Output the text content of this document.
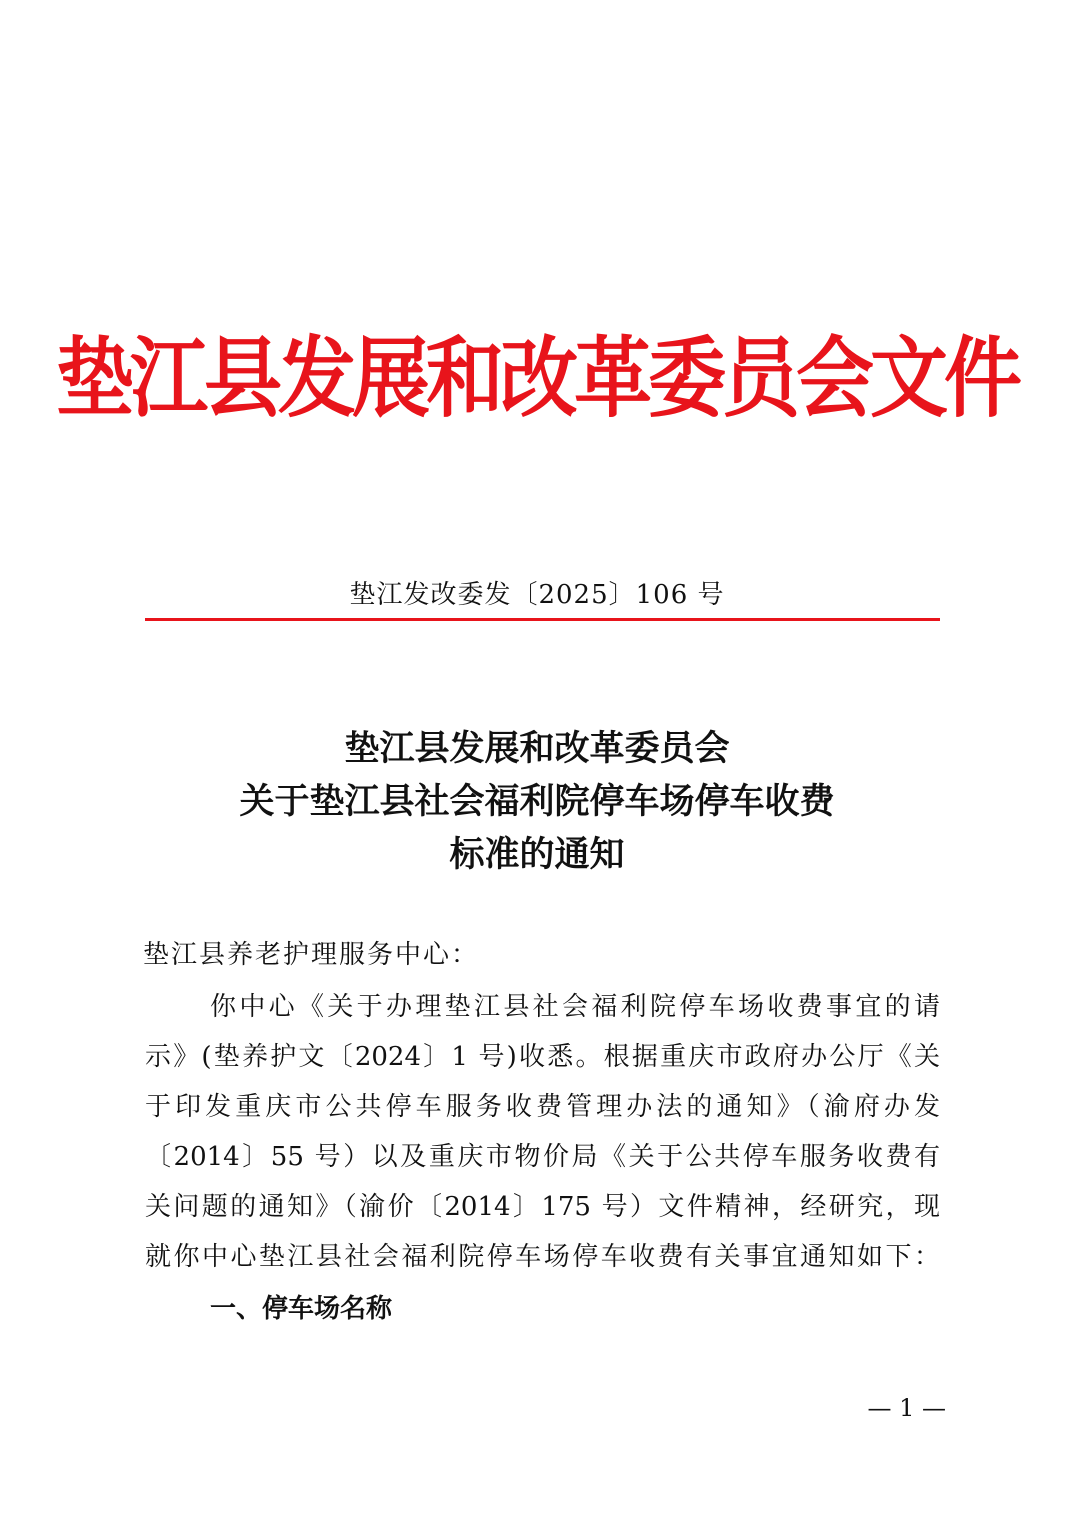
垫江县发展和改革委员会文件
垫江发改委发〔2025〕106 号
垫江县发展和改革委员会
关于垫江县社会福利院停车场停车收费
标准的通知
垫江县养老护理服务中心：
你中心《关于办理垫江县社会福利院停车场收费事宜的请
示》(垫养护文〔2024〕1 号)收悉。根据重庆市政府办公厅《关
于印发重庆市公共停车服务收费管理办法的通知》（渝府办发
〔2014〕55 号）以及重庆市物价局《关于公共停车服务收费有
关问题的通知》（渝价〔2014〕175 号）文件精神，经研究，现
就你中心垫江县社会福利院停车场停车收费有关事宜通知如下：
一、停车场名称
— 1 —
